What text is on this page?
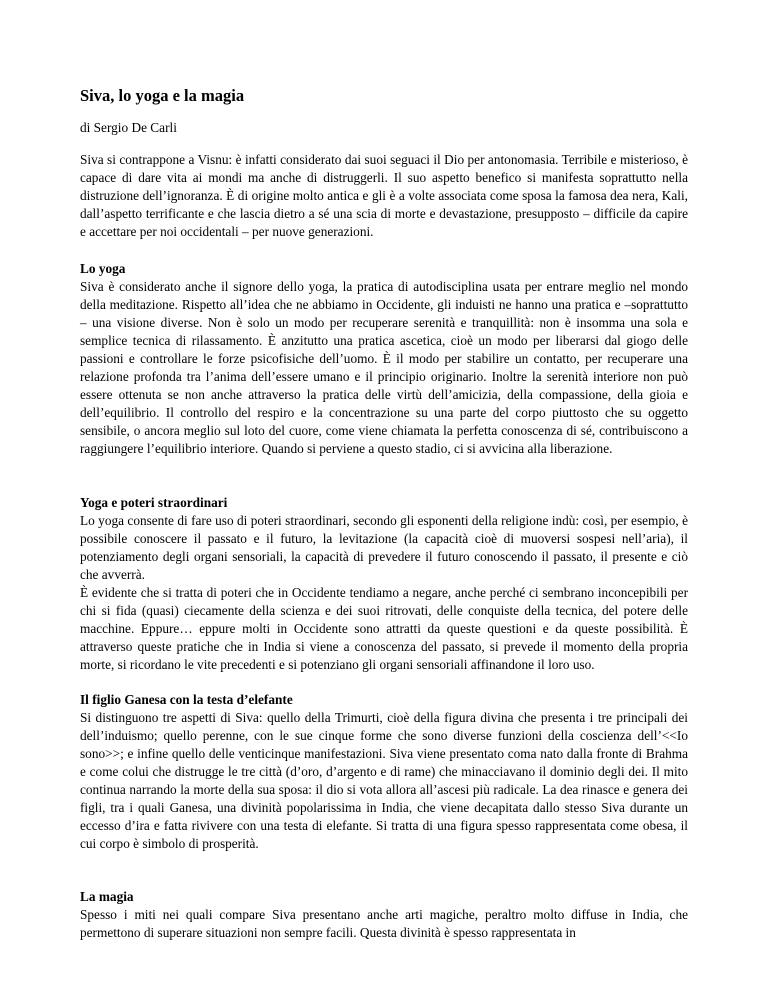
Siva, lo yoga e la magia

di Sergio De Carli

Siva si contrappone a Visnu: è infatti considerato dai suoi seguaci il Dio per antonomasia. Terribile e misterioso, è capace di dare vita ai mondi ma anche di distruggerli. Il suo aspetto benefico si manifesta soprattutto nella distruzione dell’ignoranza. È di origine molto antica e gli è a volte associata come sposa la famosa dea nera, Kali, dall’aspetto terrificante e che lascia dietro a sé una scia di morte e devastazione, presupposto – difficile da capire e accettare per noi occidentali – per nuove generazioni.

Lo yoga
Siva è considerato anche il signore dello yoga, la pratica di autodisciplina usata per entrare meglio nel mondo della meditazione. Rispetto all’idea che ne abbiamo in Occidente, gli induisti ne hanno una pratica e –soprattutto – una visione diverse. Non è solo un modo per recuperare serenità e tranquillità: non è insomma una sola e semplice tecnica di rilassamento. È anzitutto una pratica ascetica, cioè un modo per liberarsi dal giogo delle passioni e controllare le forze psicofisiche dell’uomo. È il modo per stabilire un contatto, per recuperare una relazione profonda tra l’anima dell’essere umano e il principio originario. Inoltre la serenità interiore non può essere ottenuta se non anche attraverso la pratica delle virtù dell’amicizia, della compassione, della gioia e dell’equilibrio. Il controllo del respiro e la concentrazione su una parte del corpo piuttosto che su oggetto sensibile, o ancora meglio sul loto del cuore, come viene chiamata la perfetta conoscenza di sé, contribuiscono a raggiungere l’equilibrio interiore. Quando si perviene a questo stadio, ci si avvicina alla liberazione.

Yoga e poteri straordinari
Lo yoga consente di fare uso di poteri straordinari, secondo gli esponenti della religione indù: così, per esempio, è possibile conoscere il passato e il futuro, la levitazione (la capacità cioè di muoversi sospesi nell’aria), il potenziamento degli organi sensoriali, la capacità di prevedere il futuro conoscendo il passato, il presente e ciò che avverrà.
È evidente che si tratta di poteri che in Occidente tendiamo a negare, anche perché ci sembrano inconcepibili per chi si fida (quasi) ciecamente della scienza e dei suoi ritrovati, delle conquiste della tecnica, del potere delle macchine. Eppure… eppure molti in Occidente sono attratti da queste questioni e da queste possibilità. È attraverso queste pratiche che in India si viene a conoscenza del passato, si prevede il momento della propria morte, si ricordano le vite precedenti e si potenziano gli organi sensoriali affinandone il loro uso.

Il figlio Ganesa con la testa d’elefante
Si distinguono tre aspetti di Siva: quello della Trimurti, cioè della figura divina che presenta i tre principali dei dell’induismo; quello perenne, con le sue cinque forme che sono diverse funzioni della coscienza dell’<<Io sono>>; e infine quello delle venticinque manifestazioni. Siva viene presentato coma nato dalla fronte di Brahma e come colui che distrugge le tre città (d’oro, d’argento e di rame) che minacciavano il dominio degli dei. Il mito continua narrando la morte della sua sposa: il dio si vota allora all’ascesi più radicale. La dea rinasce e genera dei figli, tra i quali Ganesa, una divinità popolarissima in India, che viene decapitata dallo stesso Siva durante un eccesso d’ira e fatta rivivere con una testa di elefante. Si tratta di una figura spesso rappresentata come obesa, il cui corpo è simbolo di prosperità.

La magia
Spesso i miti nei quali compare Siva presentano anche arti magiche, peraltro molto diffuse in India, che permettono di superare situazioni non sempre facili. Questa divinità è spesso rappresentata in
